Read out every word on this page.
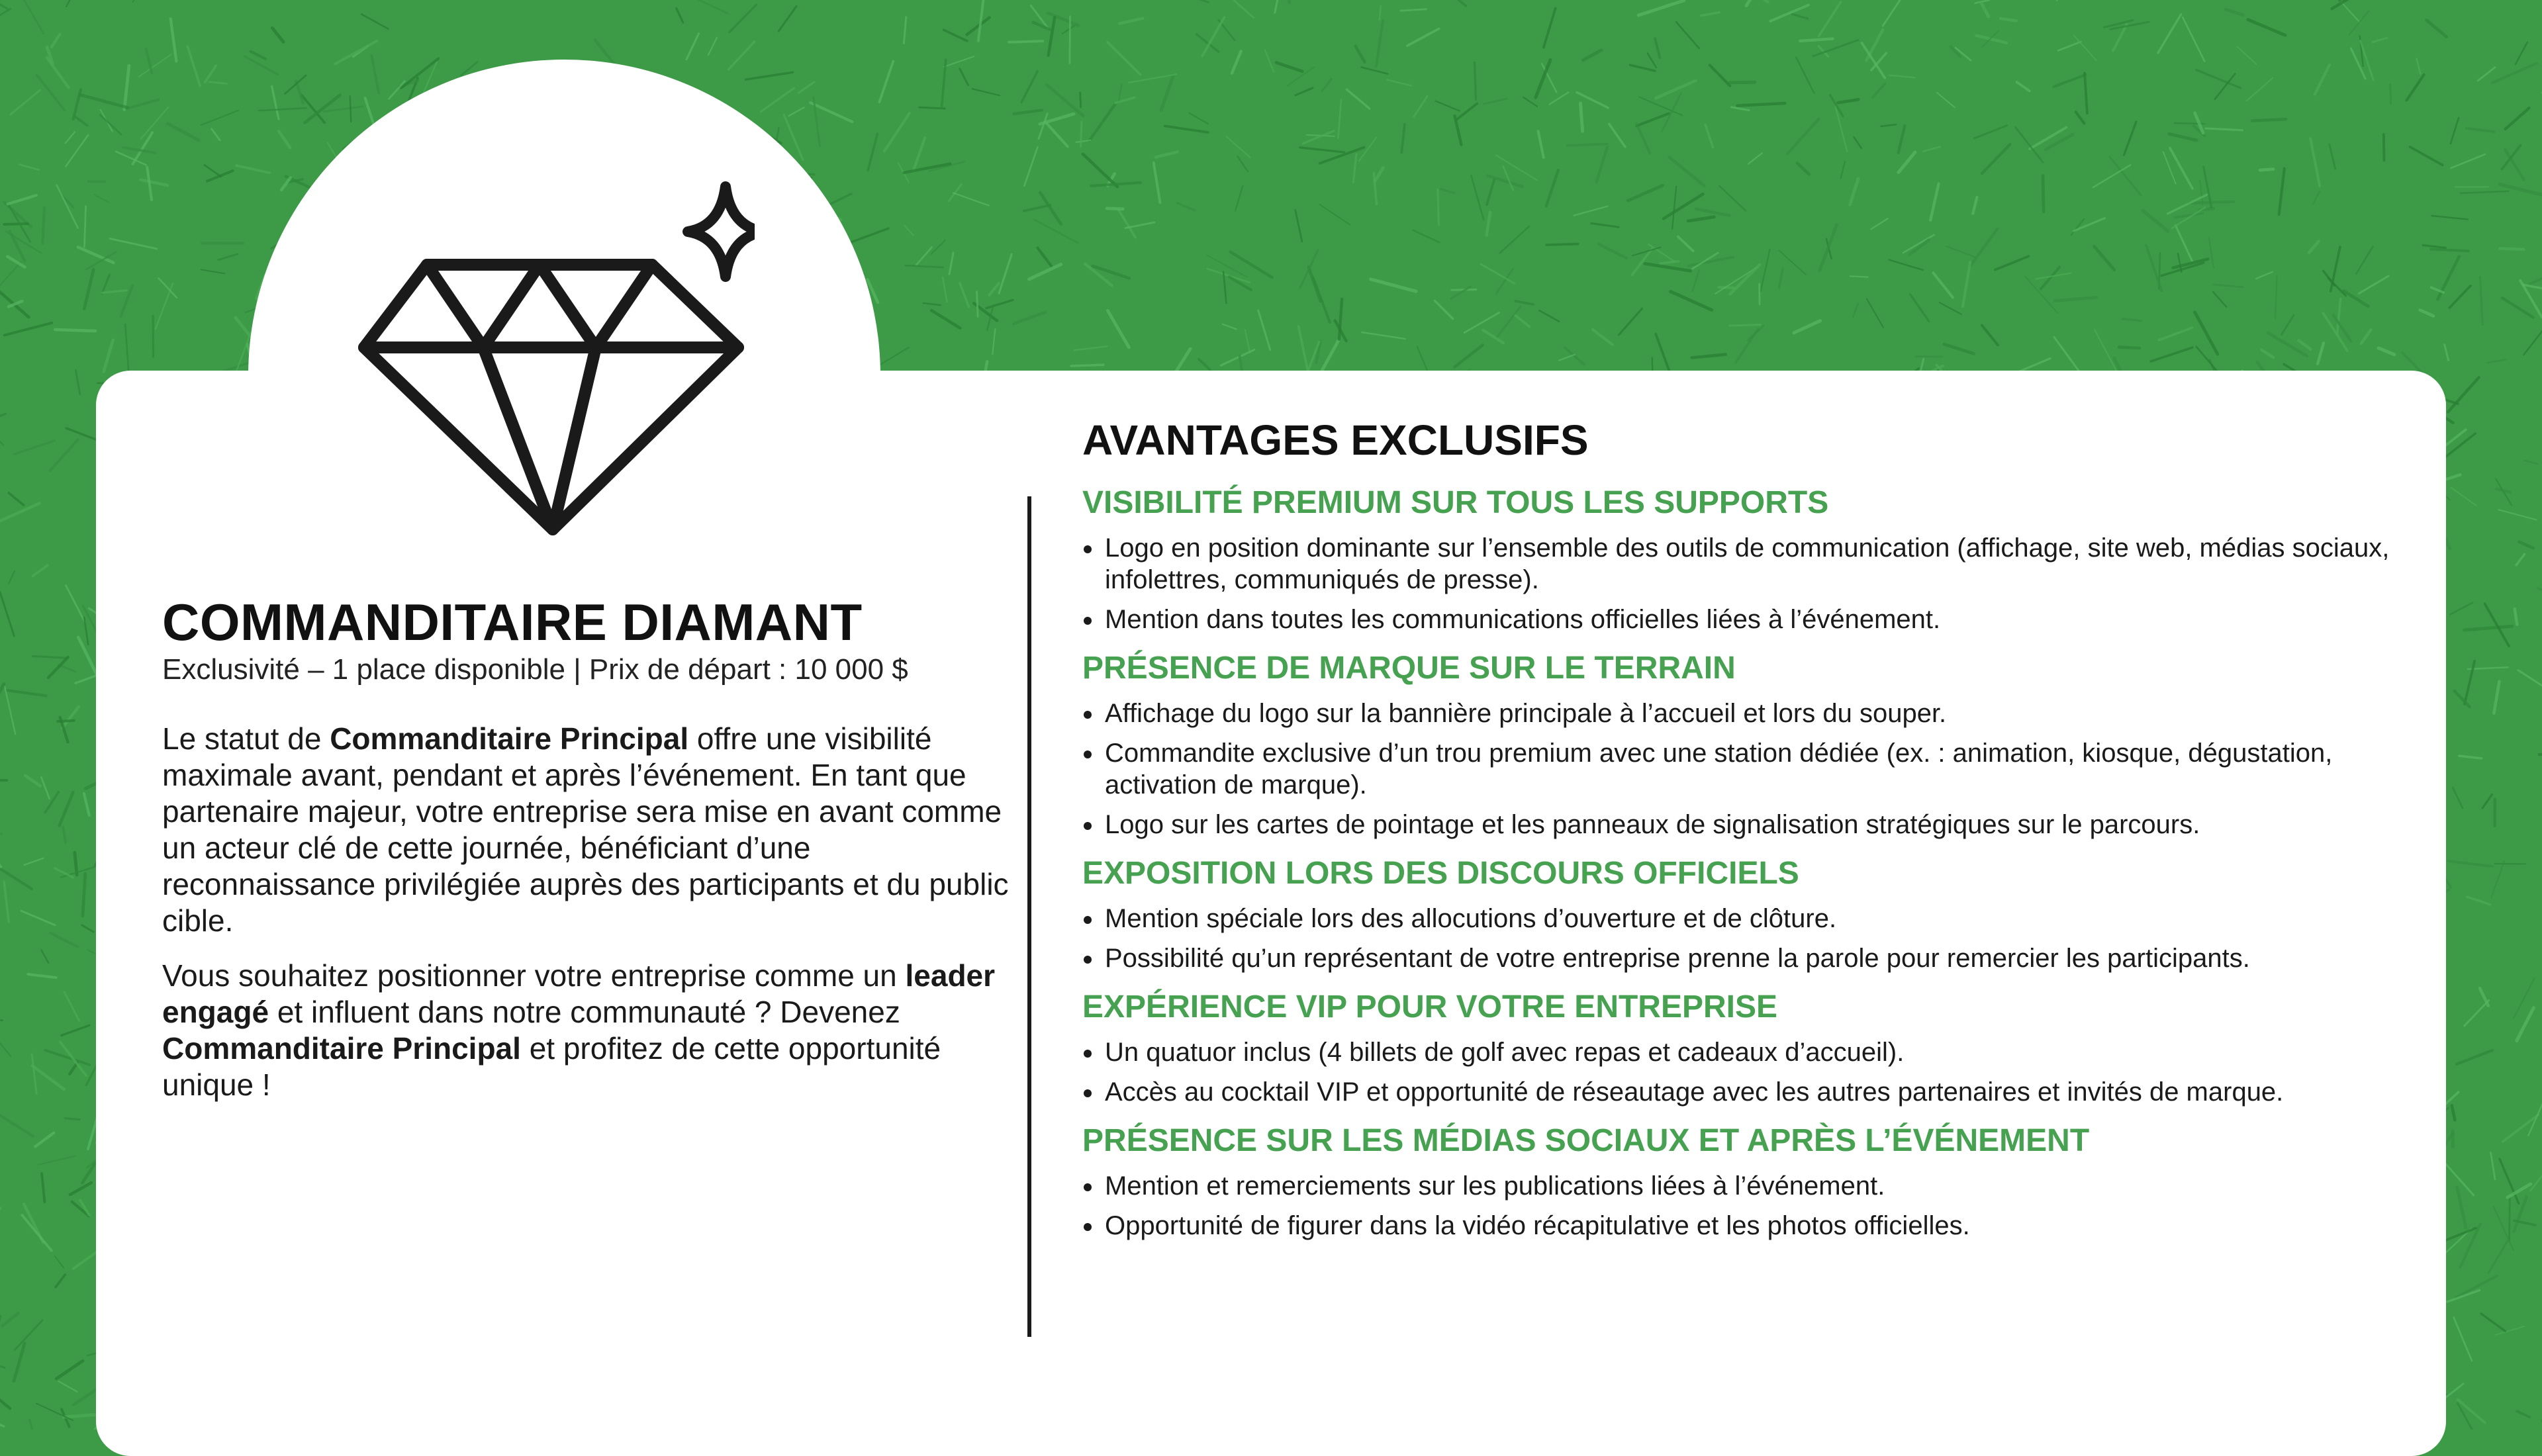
COMMANDITAIRE DIAMANT

Exclusivité – 1 place disponible | Prix de départ : 10 000 $

Le statut de Commanditaire Principal offre une visibilité maximale avant, pendant et après l’événement. En tant que partenaire majeur, votre entreprise sera mise en avant comme un acteur clé de cette journée, bénéficiant d’une reconnaissance privilégiée auprès des participants et du public cible.

Vous souhaitez positionner votre entreprise comme un leader engagé et influent dans notre communauté ? Devenez Commanditaire Principal et profitez de cette opportunité unique !

AVANTAGES EXCLUSIFS
VISIBILITÉ PREMIUM SUR TOUS LES SUPPORTS
Logo en position dominante sur l’ensemble des outils de communication (affichage, site web, médias sociaux, infolettres, communiqués de presse).
Mention dans toutes les communications officielles liées à l’événement.
PRÉSENCE DE MARQUE SUR LE TERRAIN
Affichage du logo sur la bannière principale à l’accueil et lors du souper.
Commandite exclusive d’un trou premium avec une station dédiée (ex. : animation, kiosque, dégustation, activation de marque).
Logo sur les cartes de pointage et les panneaux de signalisation stratégiques sur le parcours.
EXPOSITION LORS DES DISCOURS OFFICIELS
Mention spéciale lors des allocutions d’ouverture et de clôture.
Possibilité qu’un représentant de votre entreprise prenne la parole pour remercier les participants.
EXPÉRIENCE VIP POUR VOTRE ENTREPRISE
Un quatuor inclus (4 billets de golf avec repas et cadeaux d’accueil).
Accès au cocktail VIP et opportunité de réseautage avec les autres partenaires et invités de marque.
PRÉSENCE SUR LES MÉDIAS SOCIAUX ET APRÈS L’ÉVÉNEMENT
Mention et remerciements sur les publications liées à l’événement.
Opportunité de figurer dans la vidéo récapitulative et les photos officielles.
